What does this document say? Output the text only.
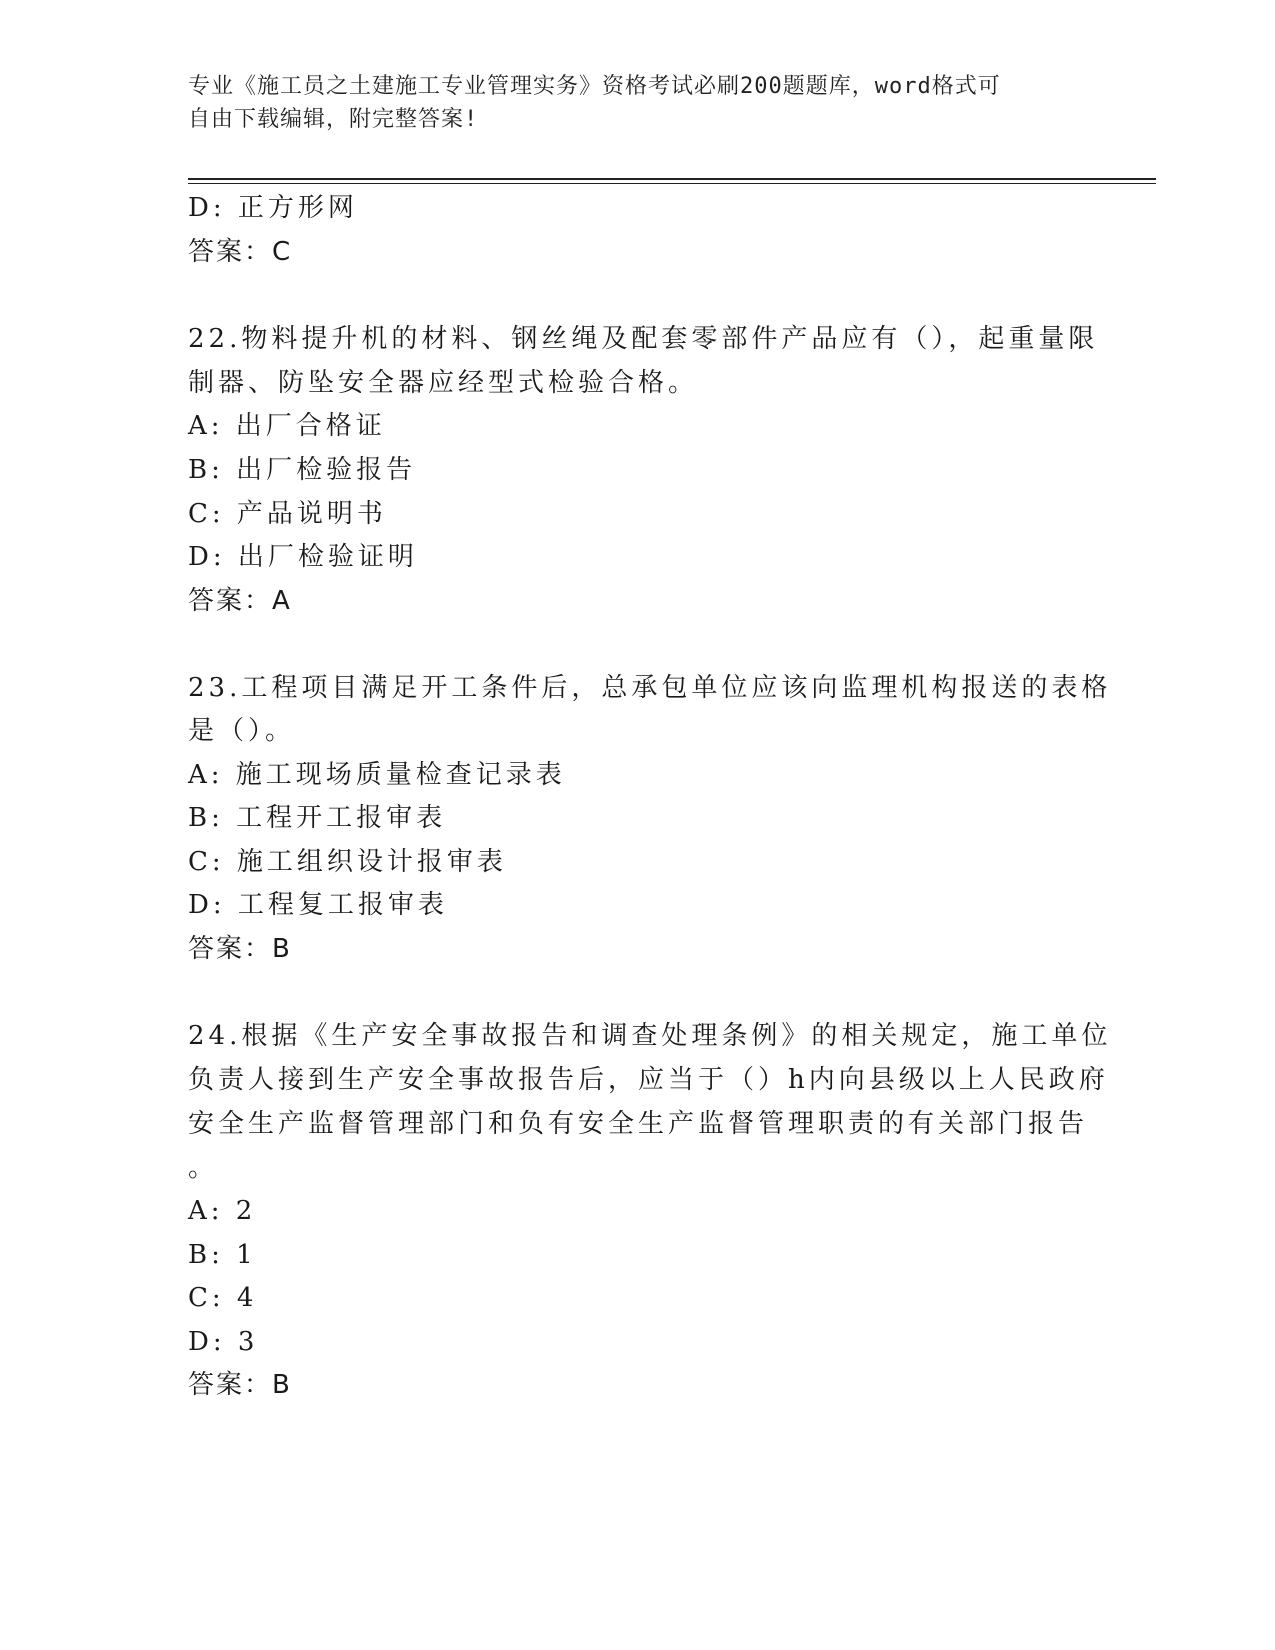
专业《施工员之土建施工专业管理实务》资格考试必刷200题题库，word格式可
自由下载编辑，附完整答案!
D: 正方形网
答案：C
22.物料提升机的材料、钢丝绳及配套零部件产品应有（），起重量限
制器、防坠安全器应经型式检验合格。
A: 出厂合格证
B: 出厂检验报告
C: 产品说明书
D: 出厂检验证明
答案：A
23.工程项目满足开工条件后，总承包单位应该向监理机构报送的表格
是（）。
A: 施工现场质量检查记录表
B: 工程开工报审表
C: 施工组织设计报审表
D: 工程复工报审表
答案：B
24.根据《生产安全事故报告和调查处理条例》的相关规定，施工单位
负责人接到生产安全事故报告后，应当于（）h内向县级以上人民政府
安全生产监督管理部门和负有安全生产监督管理职责的有关部门报告
。
A: 2
B: 1
C: 4
D: 3
答案：B
